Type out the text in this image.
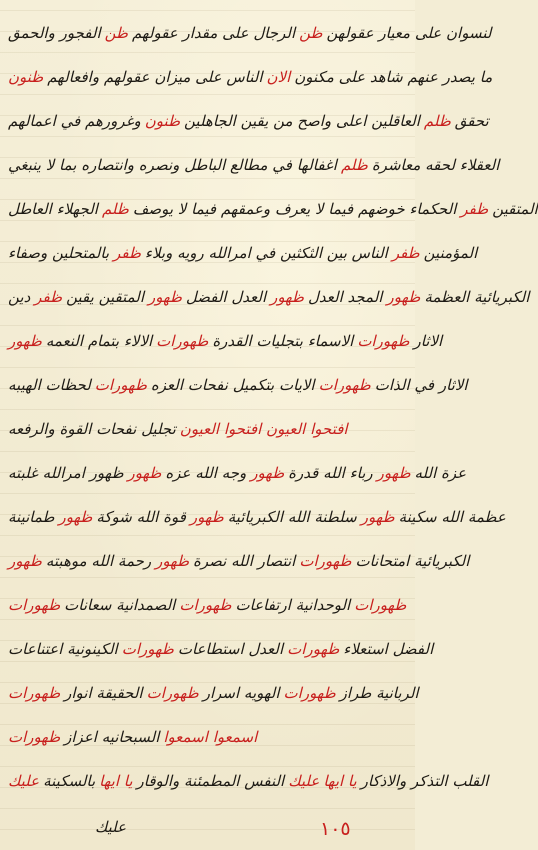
الفجور والحمق ظن الرجال علی مقدار عقولهم ظن لنسوان علی معيار عقولهن
ظنون الناس علی ميزان عقولهم وافعالهم الان ما يصدر عنهم شاهد علی مكنون
وغرورهم في اعمالهم ظنون العاقلين اعلی واصح من يقين الجاهلين ظلم تحقق
اغفالها في مطالع الباطل ونصره وانتصاره بما لا ينبغي ظلم العقلاء لحقه معاشرة
الجهلاء العاطل ظلم الحكماء خوضهم فيما لا يعرف وعمقهم فيما لا يوصف ظفر المتقين
بالمتحلين وصفاء ظفر الناس بين الثكثين في امرالله رويه وبلاء ظفر المؤمنين
دين ظفر المتقين يقين ظهور العدل الفضل ظهور المجد العدل ظهور الكبريائية العظمة
ظهور الالاء بتمام النعمه ظهورات الاسماء بتجليات القدرة ظهورات الاثار
لحظات الهيبه ظهورات الايات بتكميل نفحات العزه ظهورات الاثار في الذات
تجليل نفحات القوة والرفعه افتحوا العيون افتحوا العيون
ظهور امرالله غلبته ظهور وجه الله عزه ظهور رباء الله قدرة ظهور عزة الله
طمانينة ظهور قوة الله شوكة ظهور سلطنة الله الكبريائية ظهور عظمة الله سكينة
ظهور رحمة الله موهبته ظهور انتصار الله نصرة ظهورات الكبريائية امتحانات
ظهورات الصمدانية سعانات ظهورات الوحدانية ارتفاعات ظهورات
الكينونية اعتناعات ظهورات العدل استطاعات ظهورات الفضل استعلاء
ظهورات الحقيقة انوار ظهورات الهويه اسرار ظهورات الربانية طراز
ظهورات السبحانيه اعزاز اسمعوا اسمعوا
عليك بالسكينة يا ايها النفس المطمئنة والوقار عليك يا ايها القلب التذكر والاذكار
علیك	١٠٥
